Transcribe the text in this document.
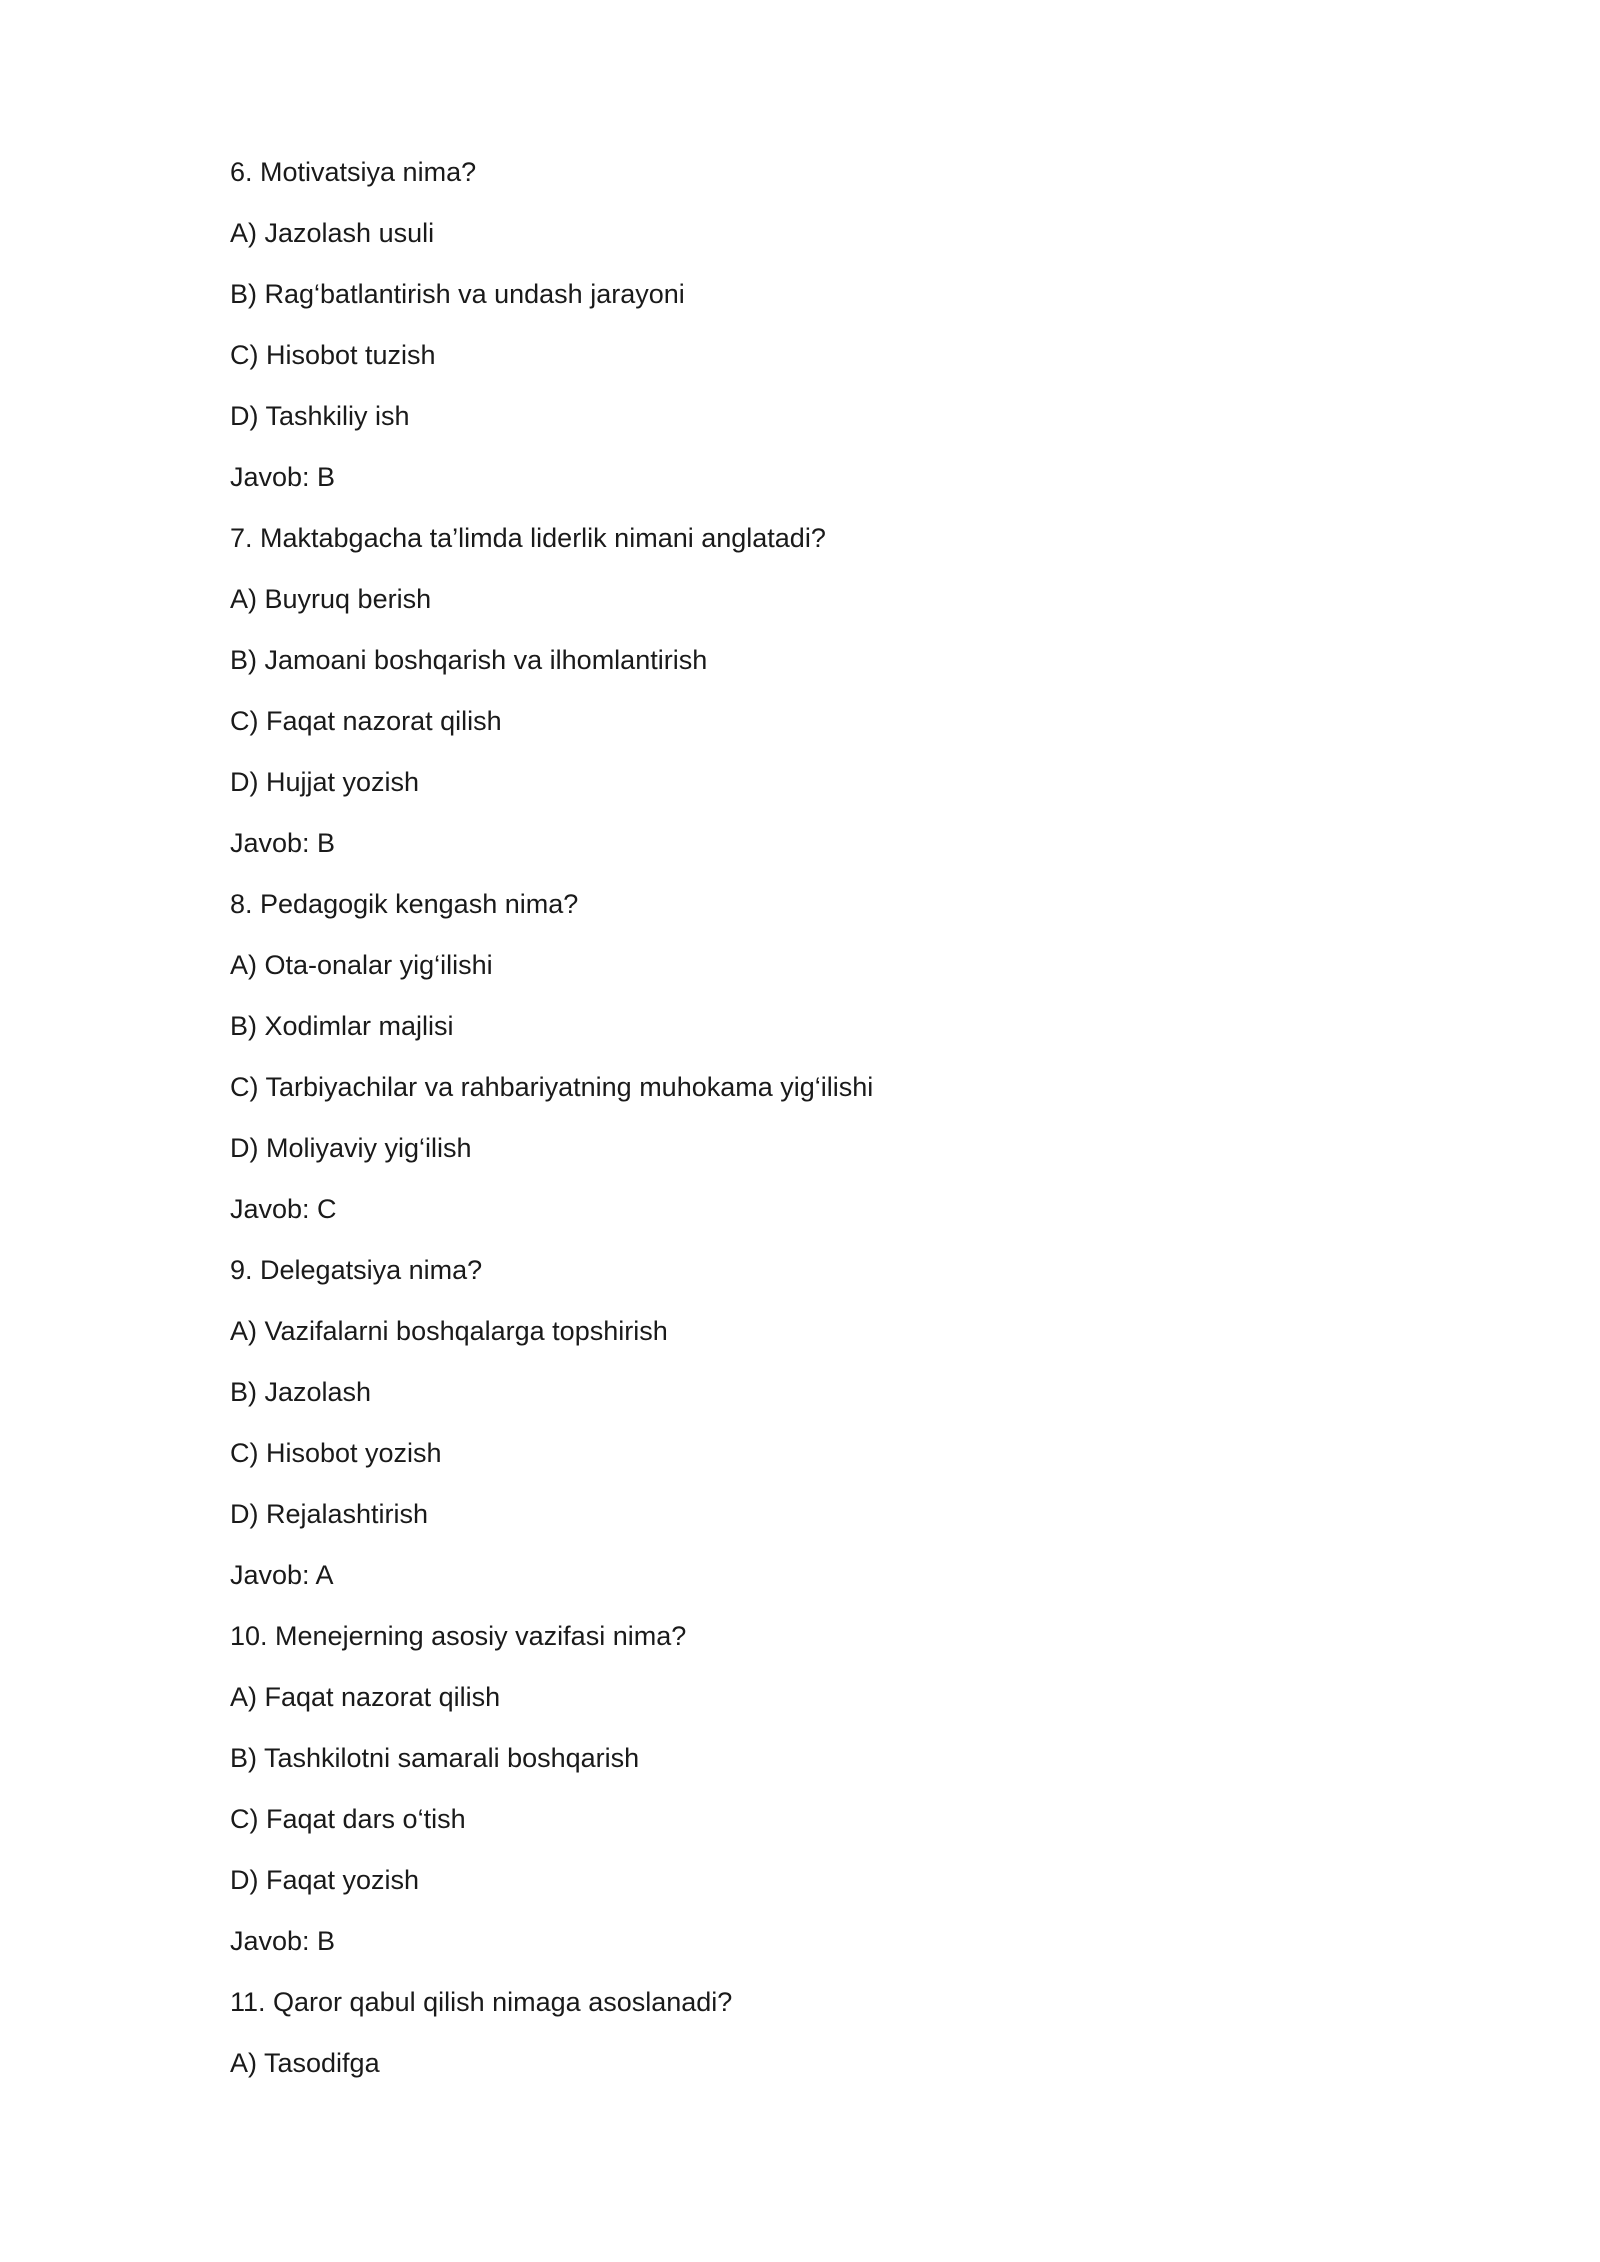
6. Motivatsiya nima?
A) Jazolash usuli
B) Rag‘batlantirish va undash jarayoni
C) Hisobot tuzish
D) Tashkiliy ish
Javob: B
7. Maktabgacha ta’limda liderlik nimani anglatadi?
A) Buyruq berish
B) Jamoani boshqarish va ilhomlantirish
C) Faqat nazorat qilish
D) Hujjat yozish
Javob: B
8. Pedagogik kengash nima?
A) Ota-onalar yig‘ilishi
B) Xodimlar majlisi
C) Tarbiyachilar va rahbariyatning muhokama yig‘ilishi
D) Moliyaviy yig‘ilish
Javob: C
9. Delegatsiya nima?
A) Vazifalarni boshqalarga topshirish
B) Jazolash
C) Hisobot yozish
D) Rejalashtirish
Javob: A
10. Menejerning asosiy vazifasi nima?
A) Faqat nazorat qilish
B) Tashkilotni samarali boshqarish
C) Faqat dars o‘tish
D) Faqat yozish
Javob: B
11. Qaror qabul qilish nimaga asoslanadi?
A) Tasodifga
